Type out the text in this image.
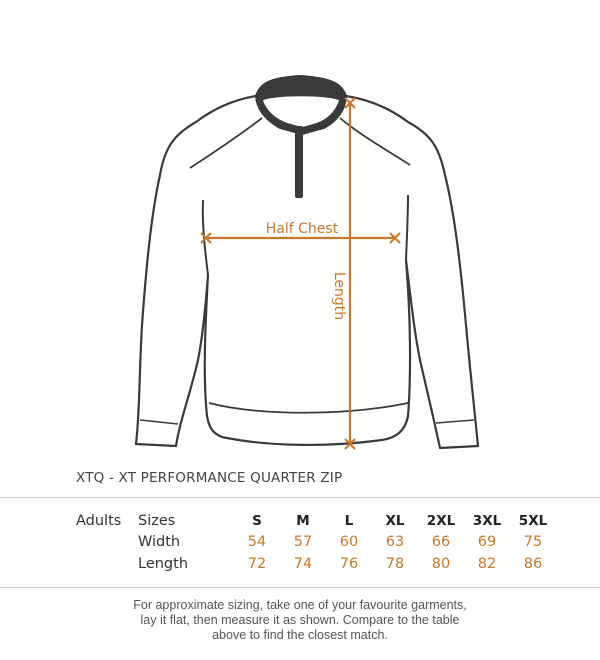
Half Chest
Length
XTQ - XT PERFORMANCE QUARTER ZIP
Adults	Sizes	S	M	L	XL	2XL	3XL	5XL
	Width	54	57	60	63	66	69	75
	Length	72	74	76	78	80	82	86
For approximate sizing, take one of your favourite garments,
lay it flat, then measure it as shown. Compare to the table
above to find the closest match.
